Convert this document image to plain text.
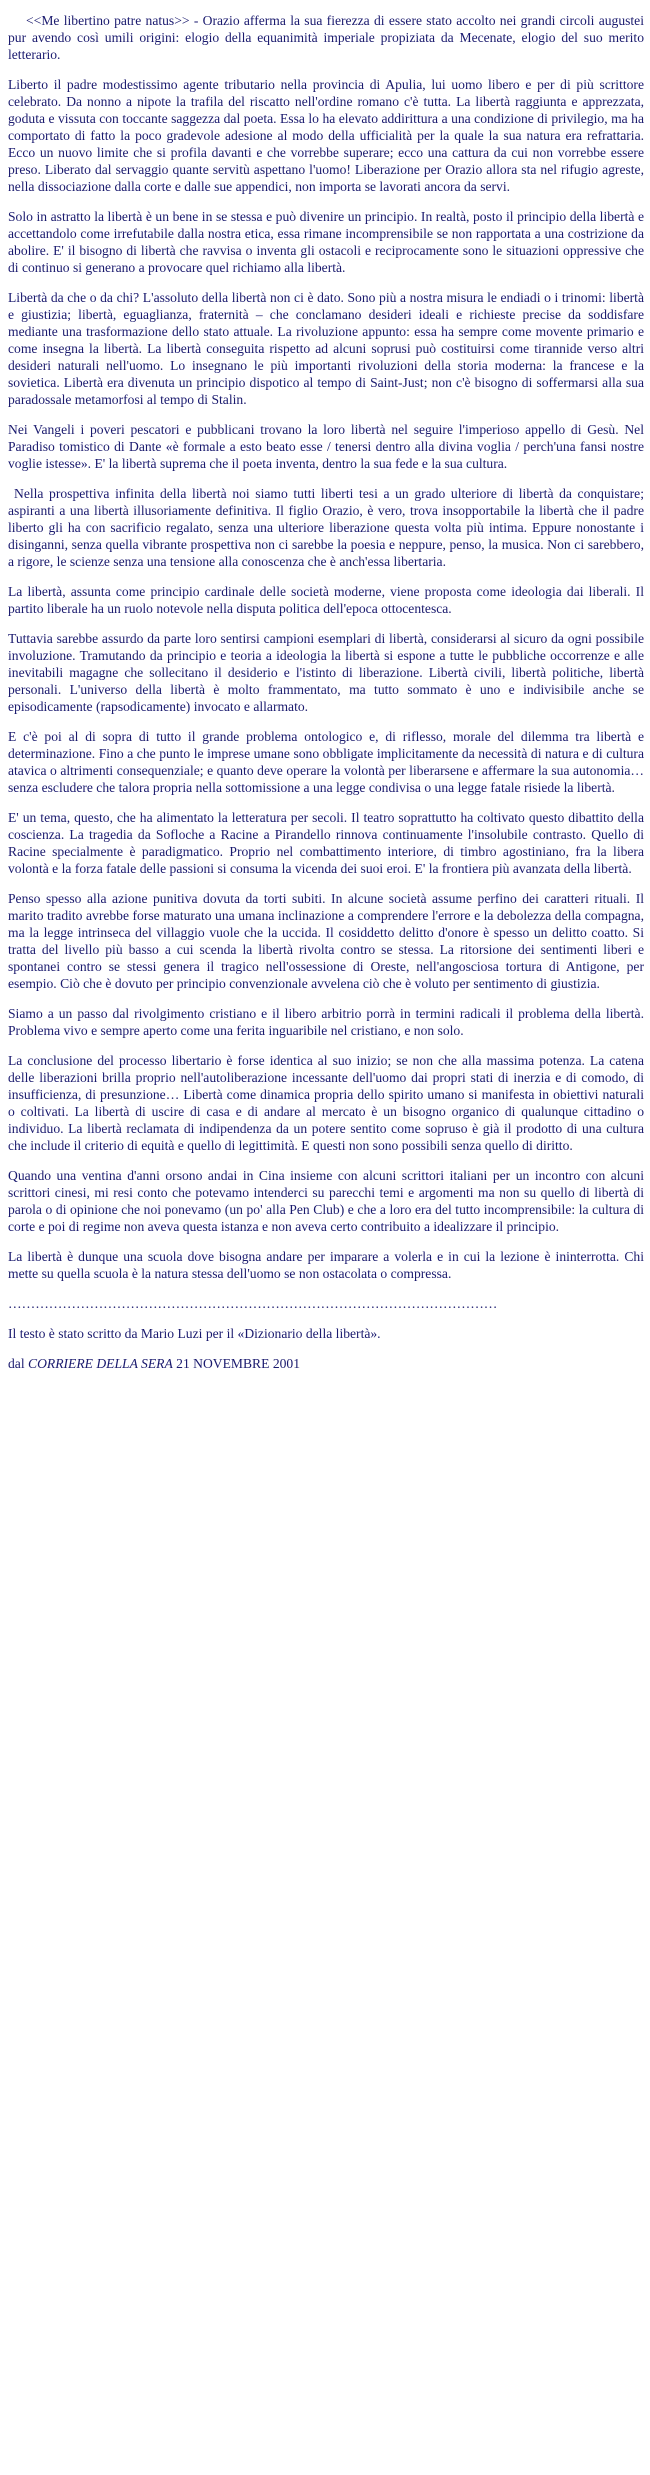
<<Me libertino patre natus>> - Orazio afferma la sua fierezza di essere stato accolto nei grandi circoli augustei pur avendo così umili origini: elogio della equanimità imperiale propiziata da Mecenate, elogio del suo merito letterario.

Liberto il padre modestissimo agente tributario nella provincia di Apulia, lui uomo libero e per di più scrittore celebrato. Da nonno a nipote la trafila del riscatto nell'ordine romano c'è tutta. La libertà raggiunta e apprezzata, goduta e vissuta con toccante saggezza dal poeta. Essa lo ha elevato addirittura a una condizione di privilegio, ma ha comportato di fatto la poco gradevole adesione al modo della ufficialità per la quale la sua natura era refrattaria. Ecco un nuovo limite che si profila davanti e che vorrebbe superare; ecco una cattura da cui non vorrebbe essere preso. Liberato dal servaggio quante servitù aspettano l'uomo! Liberazione per Orazio allora sta nel rifugio agreste, nella dissociazione dalla corte e dalle sue appendici, non importa se lavorati ancora da servi.

Solo in astratto la libertà è un bene in se stessa e può divenire un principio. In realtà, posto il principio della libertà e accettandolo come irrefutabile dalla nostra etica, essa rimane incomprensibile se non rapportata a una costrizione da abolire. E' il bisogno di libertà che ravvisa o inventa gli ostacoli e reciprocamente sono le situazioni oppressive che di continuo si generano a provocare quel richiamo alla libertà.

Libertà da che o da chi? L'assoluto della libertà non ci è dato. Sono più a nostra misura le endiadi o i trinomi: libertà e giustizia; libertà, eguaglianza, fraternità – che conclamano desideri ideali e richieste precise da soddisfare mediante una trasformazione dello stato attuale. La rivoluzione appunto: essa ha sempre come movente primario e come insegna la libertà. La libertà conseguita rispetto ad alcuni soprusi può costituirsi come tirannide verso altri desideri naturali nell'uomo. Lo insegnano le più importanti rivoluzioni della storia moderna: la francese e la sovietica. Libertà era divenuta un principio dispotico al tempo di Saint-Just; non c'è bisogno di soffermarsi alla sua paradossale metamorfosi al tempo di Stalin.

Nei Vangeli i poveri pescatori e pubblicani trovano la loro libertà nel seguire l'imperioso appello di Gesù. Nel Paradiso tomistico di Dante «è formale a esto beato esse / tenersi dentro alla divina voglia / perch'una fansi nostre voglie istesse». E' la libertà suprema che il poeta inventa, dentro la sua fede e la sua cultura.

Nella prospettiva infinita della libertà noi siamo tutti liberti tesi a un grado ulteriore di libertà da conquistare; aspiranti a una libertà illusoriamente definitiva. Il figlio Orazio, è vero, trova insopportabile la libertà che il padre liberto gli ha con sacrificio regalato, senza una ulteriore liberazione questa volta più intima. Eppure nonostante i disinganni, senza quella vibrante prospettiva non ci sarebbe la poesia e neppure, penso, la musica. Non ci sarebbero, a rigore, le scienze senza una tensione alla conoscenza che è anch'essa libertaria.

La libertà, assunta come principio cardinale delle società moderne, viene proposta come ideologia dai liberali. Il partito liberale ha un ruolo notevole nella disputa politica dell'epoca ottocentesca.

Tuttavia sarebbe assurdo da parte loro sentirsi campioni esemplari di libertà, considerarsi al sicuro da ogni possibile involuzione. Tramutando da principio e teoria a ideologia la libertà si espone a tutte le pubbliche occorrenze e alle inevitabili magagne che sollecitano il desiderio e l'istinto di liberazione. Libertà civili, libertà politiche, libertà personali. L'universo della libertà è molto frammentato, ma tutto sommato è uno e indivisibile anche se episodicamente (rapsodicamente) invocato e allarmato.

E c'è poi al di sopra di tutto il grande problema ontologico e, di riflesso, morale del dilemma tra libertà e determinazione. Fino a che punto le imprese umane sono obbligate implicitamente da necessità di natura e di cultura atavica o altrimenti consequenziale; e quanto deve operare la volontà per liberarsene e affermare la sua autonomia… senza escludere che talora propria nella sottomissione a una legge condivisa o una legge fatale risiede la libertà.

E' un tema, questo, che ha alimentato la letteratura per secoli. Il teatro soprattutto ha coltivato questo dibattito della coscienza. La tragedia da Sofloche a Racine a Pirandello rinnova continuamente l'insolubile contrasto. Quello di Racine specialmente è paradigmatico. Proprio nel combattimento interiore, di timbro agostiniano, fra la libera volontà e la forza fatale delle passioni si consuma la vicenda dei suoi eroi. E' la frontiera più avanzata della libertà.

Penso spesso alla azione punitiva dovuta da torti subiti. In alcune società assume perfino dei caratteri rituali. Il marito tradito avrebbe forse maturato una umana inclinazione a comprendere l'errore e la debolezza della compagna, ma la legge intrinseca del villaggio vuole che la uccida. Il cosiddetto delitto d'onore è spesso un delitto coatto. Si tratta del livello più basso a cui scenda la libertà rivolta contro se stessa. La ritorsione dei sentimenti liberi e spontanei contro se stessi genera il tragico nell'ossessione di Oreste, nell'angosciosa tortura di Antigone, per esempio. Ciò che è dovuto per principio convenzionale avvelena ciò che è voluto per sentimento di giustizia.

Siamo a un passo dal rivolgimento cristiano e il libero arbitrio porrà in termini radicali il problema della libertà. Problema vivo e sempre aperto come una ferita inguaribile nel cristiano, e non solo.

La conclusione del processo libertario è forse identica al suo inizio; se non che alla massima potenza. La catena delle liberazioni brilla proprio nell'autoliberazione incessante dell'uomo dai propri stati di inerzia e di comodo, di insufficienza, di presunzione… Libertà come dinamica propria dello spirito umano si manifesta in obiettivi naturali o coltivati. La libertà di uscire di casa e di andare al mercato è un bisogno organico di qualunque cittadino o individuo. La libertà reclamata di indipendenza da un potere sentito come sopruso è già il prodotto di una cultura che include il criterio di equità e quello di legittimità. E questi non sono possibili senza quello di diritto.

Quando una ventina d'anni orsono andai in Cina insieme con alcuni scrittori italiani per un incontro con alcuni scrittori cinesi, mi resi conto che potevamo intenderci su parecchi temi e argomenti ma non su quello di libertà di parola o di opinione che noi ponevamo (un po' alla Pen Club) e che a loro era del tutto incomprensibile: la cultura di corte e poi di regime non aveva questa istanza e non aveva certo contribuito a idealizzare il principio.

La libertà è dunque una scuola dove bisogna andare per imparare a volerla e in cui la lezione è ininterrotta. Chi mette su quella scuola è la natura stessa dell'uomo se non ostacolata o compressa.

………………………………………………………………………………………………

Il testo è stato scritto da Mario Luzi per il «Dizionario della libertà».

dal CORRIERE DELLA SERA 21 NOVEMBRE 2001
